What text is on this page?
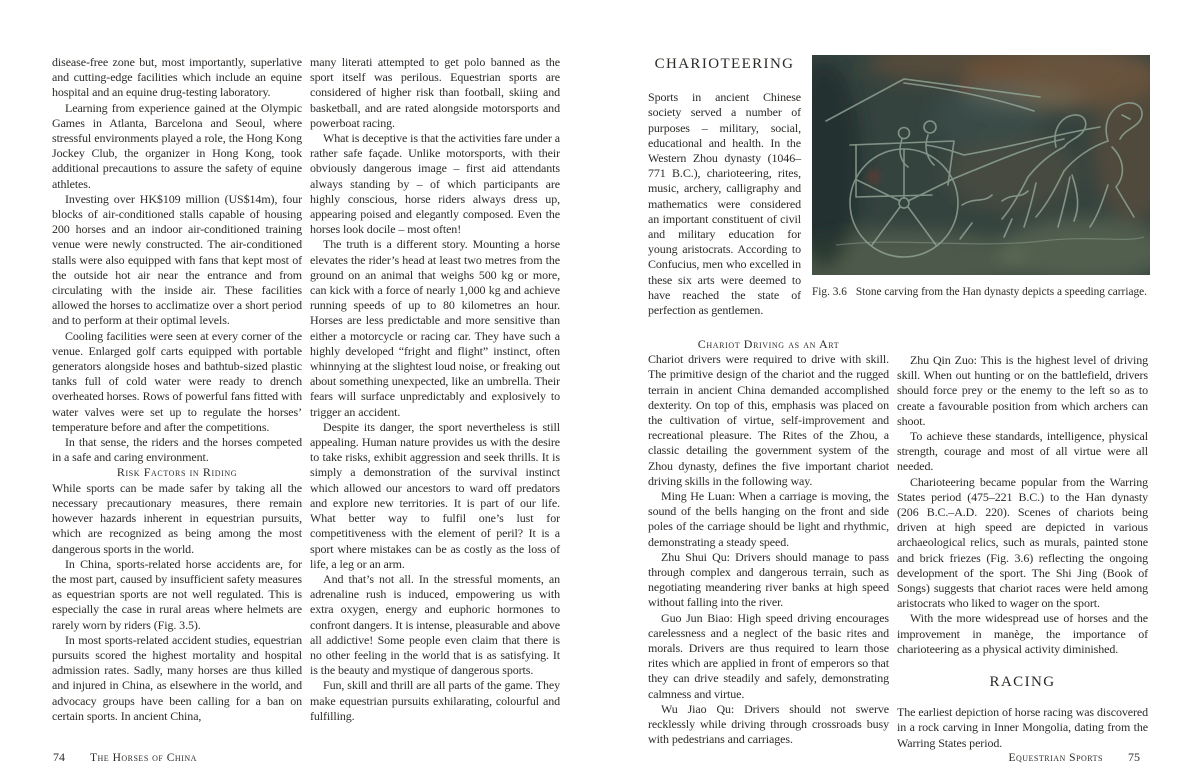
disease-free zone but, most importantly, superlative and cutting-edge facilities which include an equine hospital and an equine drug-testing laboratory.

Learning from experience gained at the Olympic Games in Atlanta, Barcelona and Seoul, where stressful environments played a role, the Hong Kong Jockey Club, the organizer in Hong Kong, took additional precautions to assure the safety of equine athletes.

Investing over HK$109 million (US$14m), four blocks of air-conditioned stalls capable of housing 200 horses and an indoor air-conditioned training venue were newly constructed. The air-conditioned stalls were also equipped with fans that kept most of the outside hot air near the entrance and from circulating with the inside air. These facilities allowed the horses to acclimatize over a short period and to perform at their optimal levels.

Cooling facilities were seen at every corner of the venue. Enlarged golf carts equipped with portable generators alongside hoses and bathtub-sized plastic tanks full of cold water were ready to drench overheated horses. Rows of powerful fans fitted with water valves were set up to regulate the horses’ temperature before and after the competitions.

In that sense, the riders and the horses competed in a safe and caring environment.

Risk Factors in Riding

While sports can be made safer by taking all the necessary precautionary measures, there remain however hazards inherent in equestrian pursuits, which are recognized as being among the most dangerous sports in the world.

In China, sports-related horse accidents are, for the most part, caused by insufficient safety measures as equestrian sports are not well regulated. This is especially the case in rural areas where helmets are rarely worn by riders (Fig. 3.5).

In most sports-related accident studies, equestrian pursuits scored the highest mortality and hospital admission rates. Sadly, many horses are thus killed and injured in China, as elsewhere in the world, and advocacy groups have been calling for a ban on certain sports. In ancient China,

many literati attempted to get polo banned as the sport itself was perilous. Equestrian sports are considered of higher risk than football, skiing and basketball, and are rated alongside motorsports and powerboat racing.

What is deceptive is that the activities fare under a rather safe façade. Unlike motorsports, with their obviously dangerous image – first aid attendants always standing by – of which participants are highly conscious, horse riders always dress up, appearing poised and elegantly composed. Even the horses look docile – most often!

The truth is a different story. Mounting a horse elevates the rider’s head at least two metres from the ground on an animal that weighs 500 kg or more, can kick with a force of nearly 1,000 kg and achieve running speeds of up to 80 kilometres an hour. Horses are less predictable and more sensitive than either a motorcycle or racing car. They have such a highly developed “fright and flight” instinct, often whinnying at the slightest loud noise, or freaking out about something unexpected, like an umbrella. Their fears will surface unpredictably and explosively to trigger an accident.

Despite its danger, the sport nevertheless is still appealing. Human nature provides us with the desire to take risks, exhibit aggression and seek thrills. It is simply a demonstration of the survival instinct which allowed our ancestors to ward off predators and explore new territories. It is part of our life. What better way to fulfil one’s lust for competitiveness with the element of peril? It is a sport where mistakes can be as costly as the loss of life, a leg or an arm.

And that’s not all. In the stressful moments, an adrenaline rush is induced, empowering us with extra oxygen, energy and euphoric hormones to confront dangers. It is intense, pleasurable and above all addictive! Some people even claim that there is no other feeling in the world that is as satisfying. It is the beauty and mystique of dangerous sports.

Fun, skill and thrill are all parts of the game. They make equestrian pursuits exhilarating, colourful and fulfilling.

74 The Horses of China

CHARIOTEERING

Sports in ancient Chinese society served a number of purposes – military, social, educational and health. In the Western Zhou dynasty (1046–771 B.C.), charioteering, rites, music, archery, calligraphy and mathematics were considered an important constituent of civil and military education for young aristocrats. According to Confucius, men who excelled in these six arts were deemed to have reached the state of perfection as gentlemen.

Fig. 3.6 Stone carving from the Han dynasty depicts a speeding carriage.

Chariot Driving as an Art

Chariot drivers were required to drive with skill. The primitive design of the chariot and the rugged terrain in ancient China demanded accomplished dexterity. On top of this, emphasis was placed on the cultivation of virtue, self-improvement and recreational pleasure. The Rites of the Zhou, a classic detailing the government system of the Zhou dynasty, defines the five important chariot driving skills in the following way.

Ming He Luan: When a carriage is moving, the sound of the bells hanging on the front and side poles of the carriage should be light and rhythmic, demonstrating a steady speed.

Zhu Shui Qu: Drivers should manage to pass through complex and dangerous terrain, such as negotiating meandering river banks at high speed without falling into the river.

Guo Jun Biao: High speed driving encourages carelessness and a neglect of the basic rites and morals. Drivers are thus required to learn those rites which are applied in front of emperors so that they can drive steadily and safely, demonstrating calmness and virtue.

Wu Jiao Qu: Drivers should not swerve recklessly while driving through crossroads busy with pedestrians and carriages.

Zhu Qin Zuo: This is the highest level of driving skill. When out hunting or on the battlefield, drivers should force prey or the enemy to the left so as to create a favourable position from which archers can shoot.

To achieve these standards, intelligence, physical strength, courage and most of all virtue were all needed.

Charioteering became popular from the Warring States period (475–221 B.C.) to the Han dynasty (206 B.C.–A.D. 220). Scenes of chariots being driven at high speed are depicted in various archaeological relics, such as murals, painted stone and brick friezes (Fig. 3.6) reflecting the ongoing development of the sport. The Shi Jing (Book of Songs) suggests that chariot races were held among aristocrats who liked to wager on the sport.

With the more widespread use of horses and the improvement in manège, the importance of charioteering as a physical activity diminished.

RACING

The earliest depiction of horse racing was discovered in a rock carving in Inner Mongolia, dating from the Warring States period.

Equestrian Sports 75
